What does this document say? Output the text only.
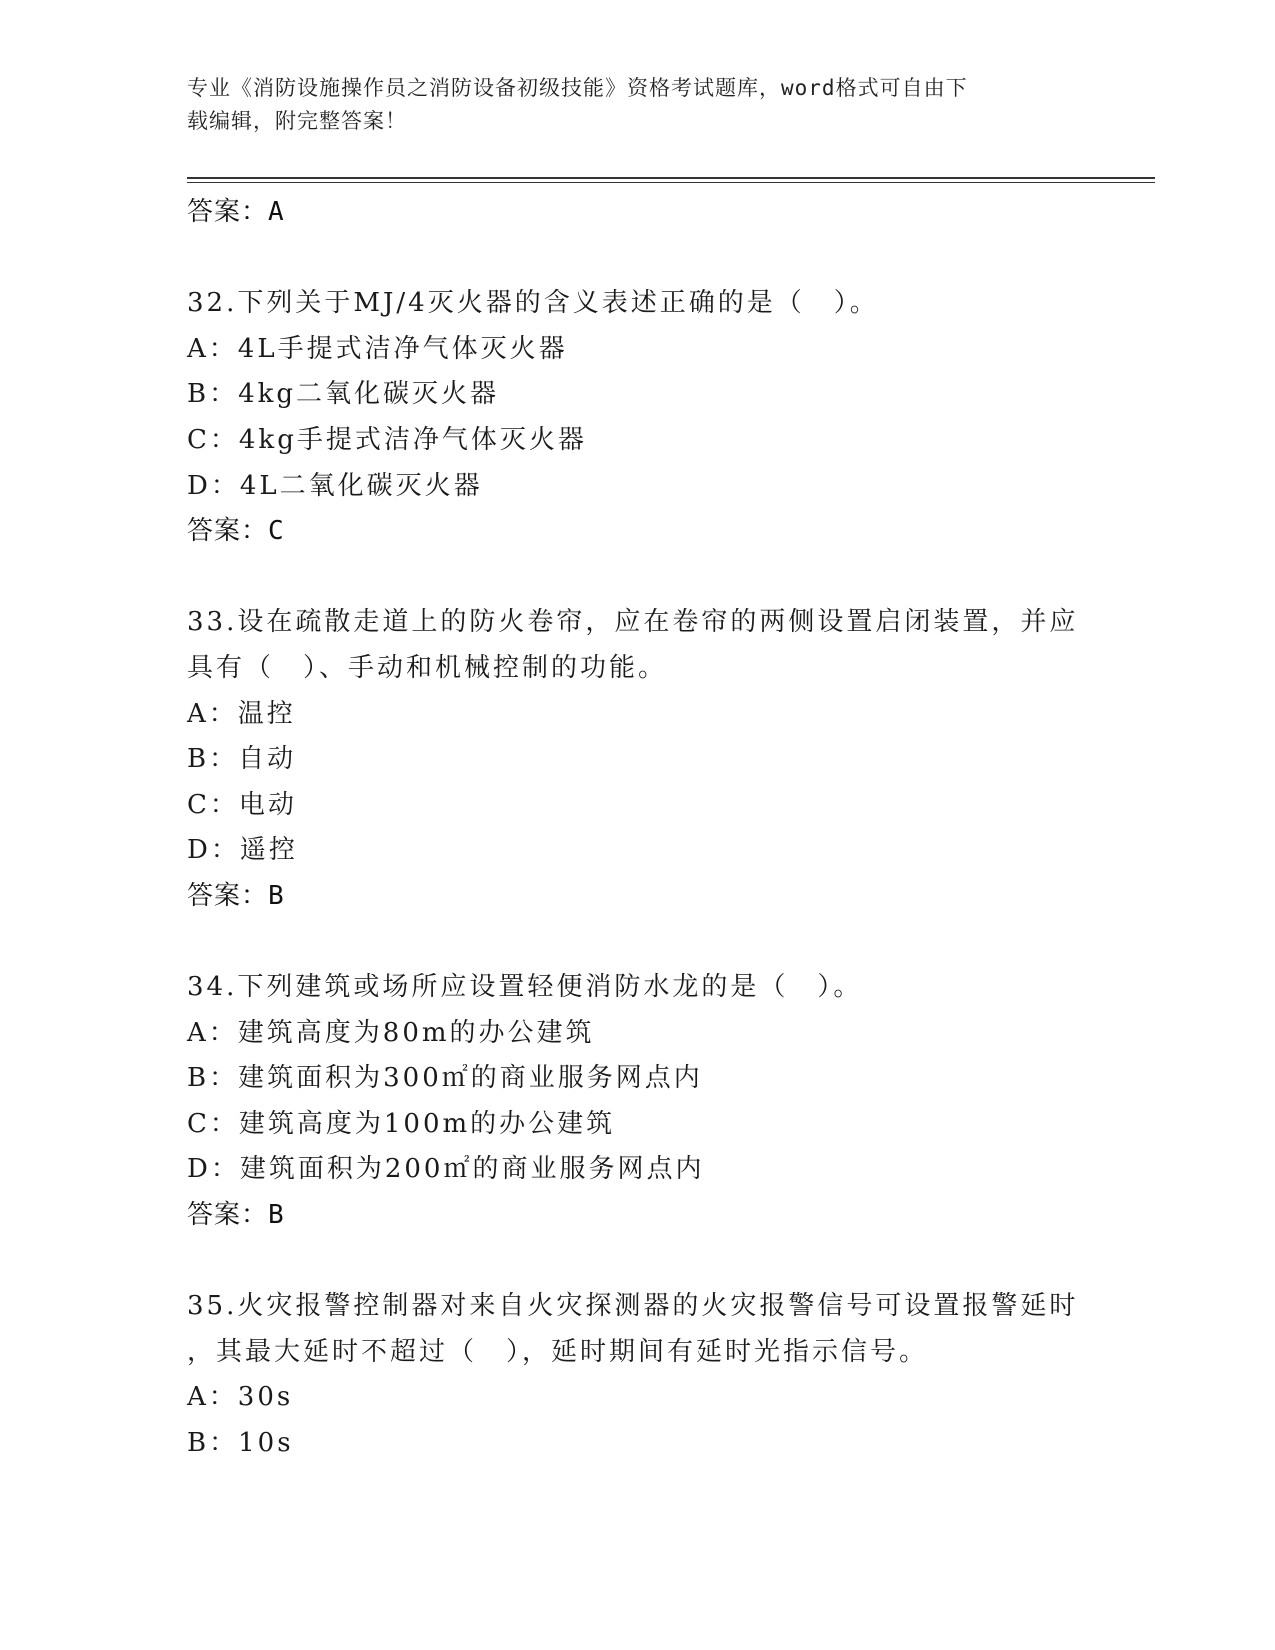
专业《消防设施操作员之消防设备初级技能》资格考试题库，word格式可自由下
载编辑，附完整答案！
答案：A
32.下列关于MJ/4灭火器的含义表述正确的是（　）。
A：4L手提式洁净气体灭火器
B：4kg二氧化碳灭火器
C：4kg手提式洁净气体灭火器
D：4L二氧化碳灭火器
答案：C
33.设在疏散走道上的防火卷帘，应在卷帘的两侧设置启闭装置，并应
具有（　）、手动和机械控制的功能。
A：温控
B：自动
C：电动
D：遥控
答案：B
34.下列建筑或场所应设置轻便消防水龙的是（　）。
A：建筑高度为80m的办公建筑
B：建筑面积为300㎡的商业服务网点内
C：建筑高度为100m的办公建筑
D：建筑面积为200㎡的商业服务网点内
答案：B
35.火灾报警控制器对来自火灾探测器的火灾报警信号可设置报警延时
，其最大延时不超过（　），延时期间有延时光指示信号。
A：30s
B：10s
